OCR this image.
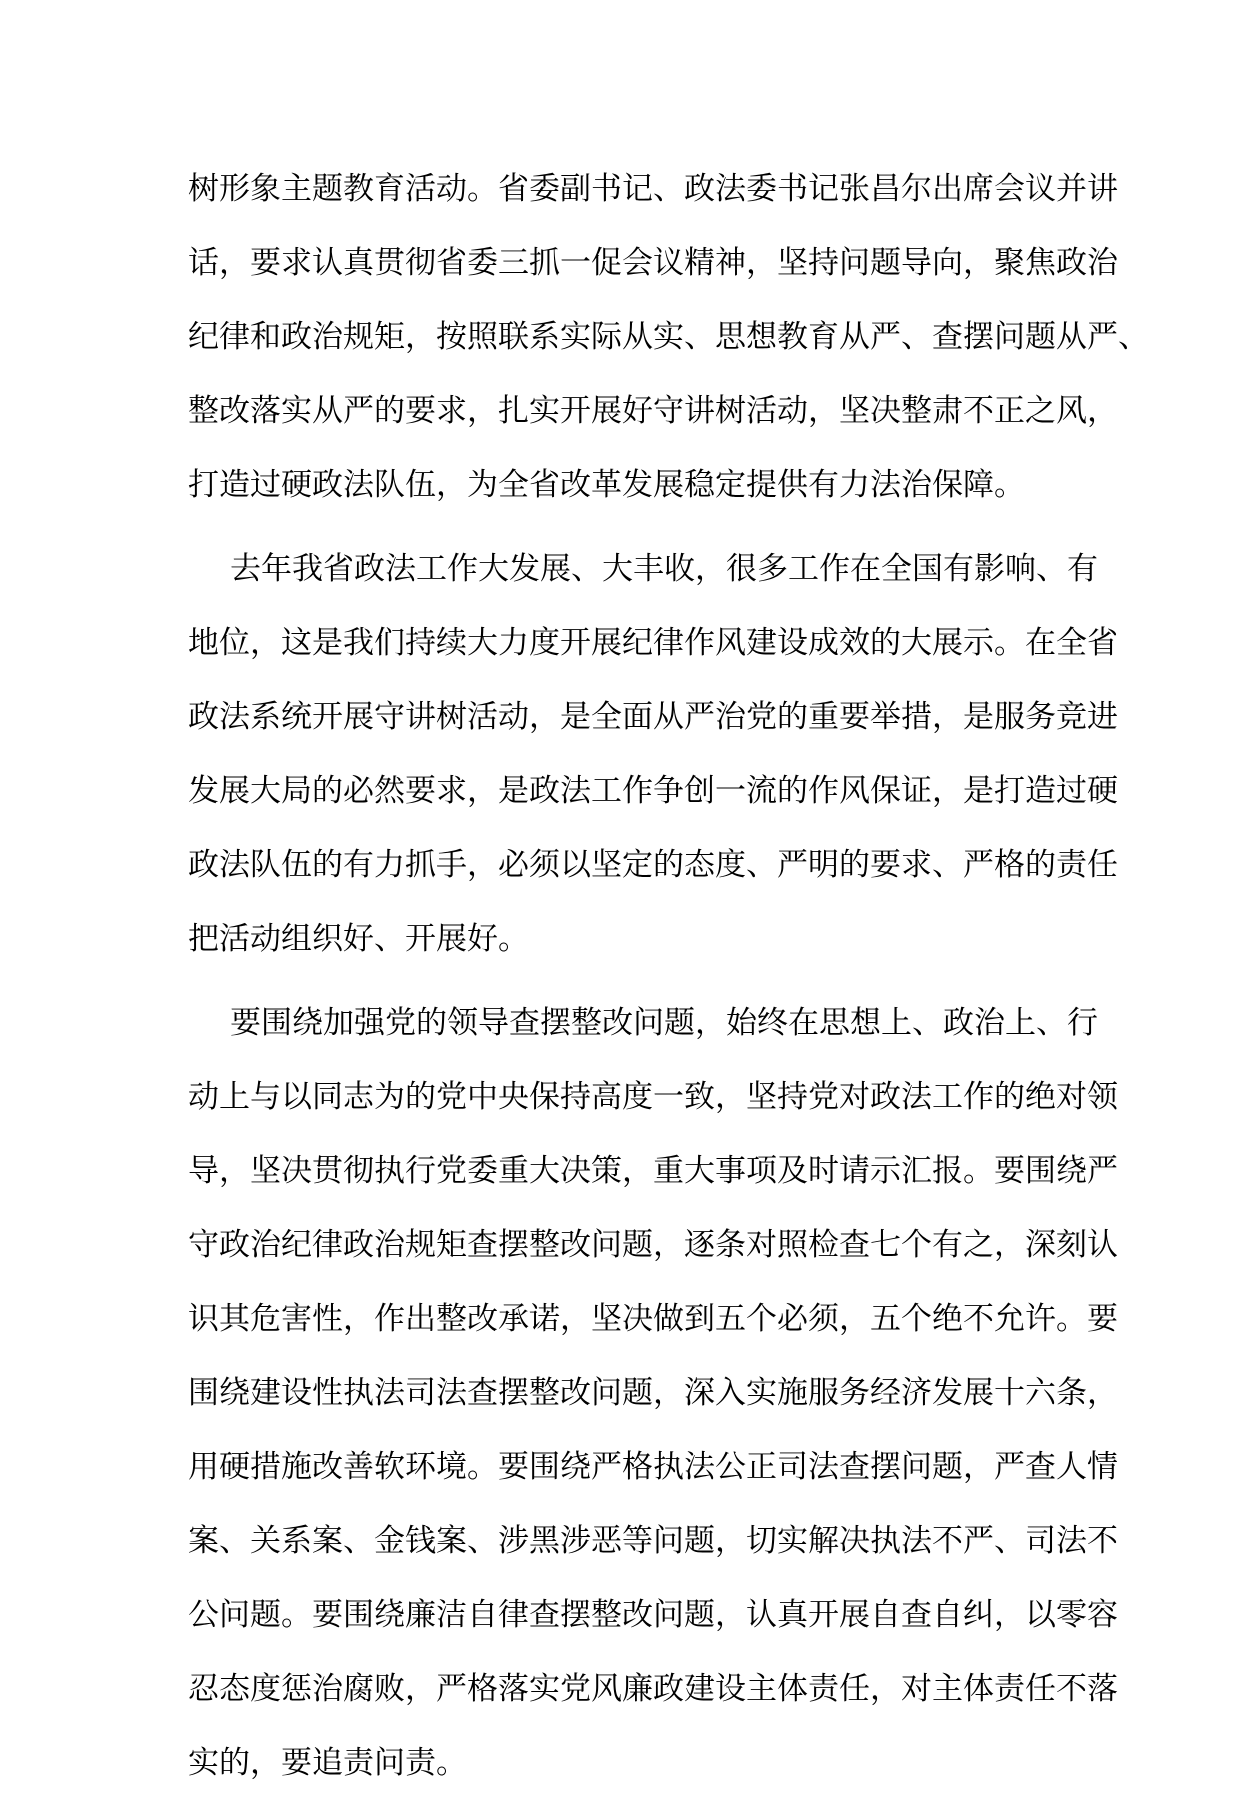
树形象主题教育活动。省委副书记、政法委书记张昌尔出席会议并讲
话，要求认真贯彻省委三抓一促会议精神，坚持问题导向，聚焦政治
纪律和政治规矩，按照联系实际从实、思想教育从严、查摆问题从严、
整改落实从严的要求，扎实开展好守讲树活动，坚决整肃不正之风，
打造过硬政法队伍，为全省改革发展稳定提供有力法治保障。
去年我省政法工作大发展、大丰收，很多工作在全国有影响、有
地位，这是我们持续大力度开展纪律作风建设成效的大展示。在全省
政法系统开展守讲树活动，是全面从严治党的重要举措，是服务竞进
发展大局的必然要求，是政法工作争创一流的作风保证，是打造过硬
政法队伍的有力抓手，必须以坚定的态度、严明的要求、严格的责任
把活动组织好、开展好。
要围绕加强党的领导查摆整改问题，始终在思想上、政治上、行
动上与以同志为的党中央保持高度一致，坚持党对政法工作的绝对领
导，坚决贯彻执行党委重大决策，重大事项及时请示汇报。要围绕严
守政治纪律政治规矩查摆整改问题，逐条对照检查七个有之，深刻认
识其危害性，作出整改承诺，坚决做到五个必须，五个绝不允许。要
围绕建设性执法司法查摆整改问题，深入实施服务经济发展十六条，
用硬措施改善软环境。要围绕严格执法公正司法查摆问题，严查人情
案、关系案、金钱案、涉黑涉恶等问题，切实解决执法不严、司法不
公问题。要围绕廉洁自律查摆整改问题，认真开展自查自纠，以零容
忍态度惩治腐败，严格落实党风廉政建设主体责任，对主体责任不落
实的，要追责问责。
